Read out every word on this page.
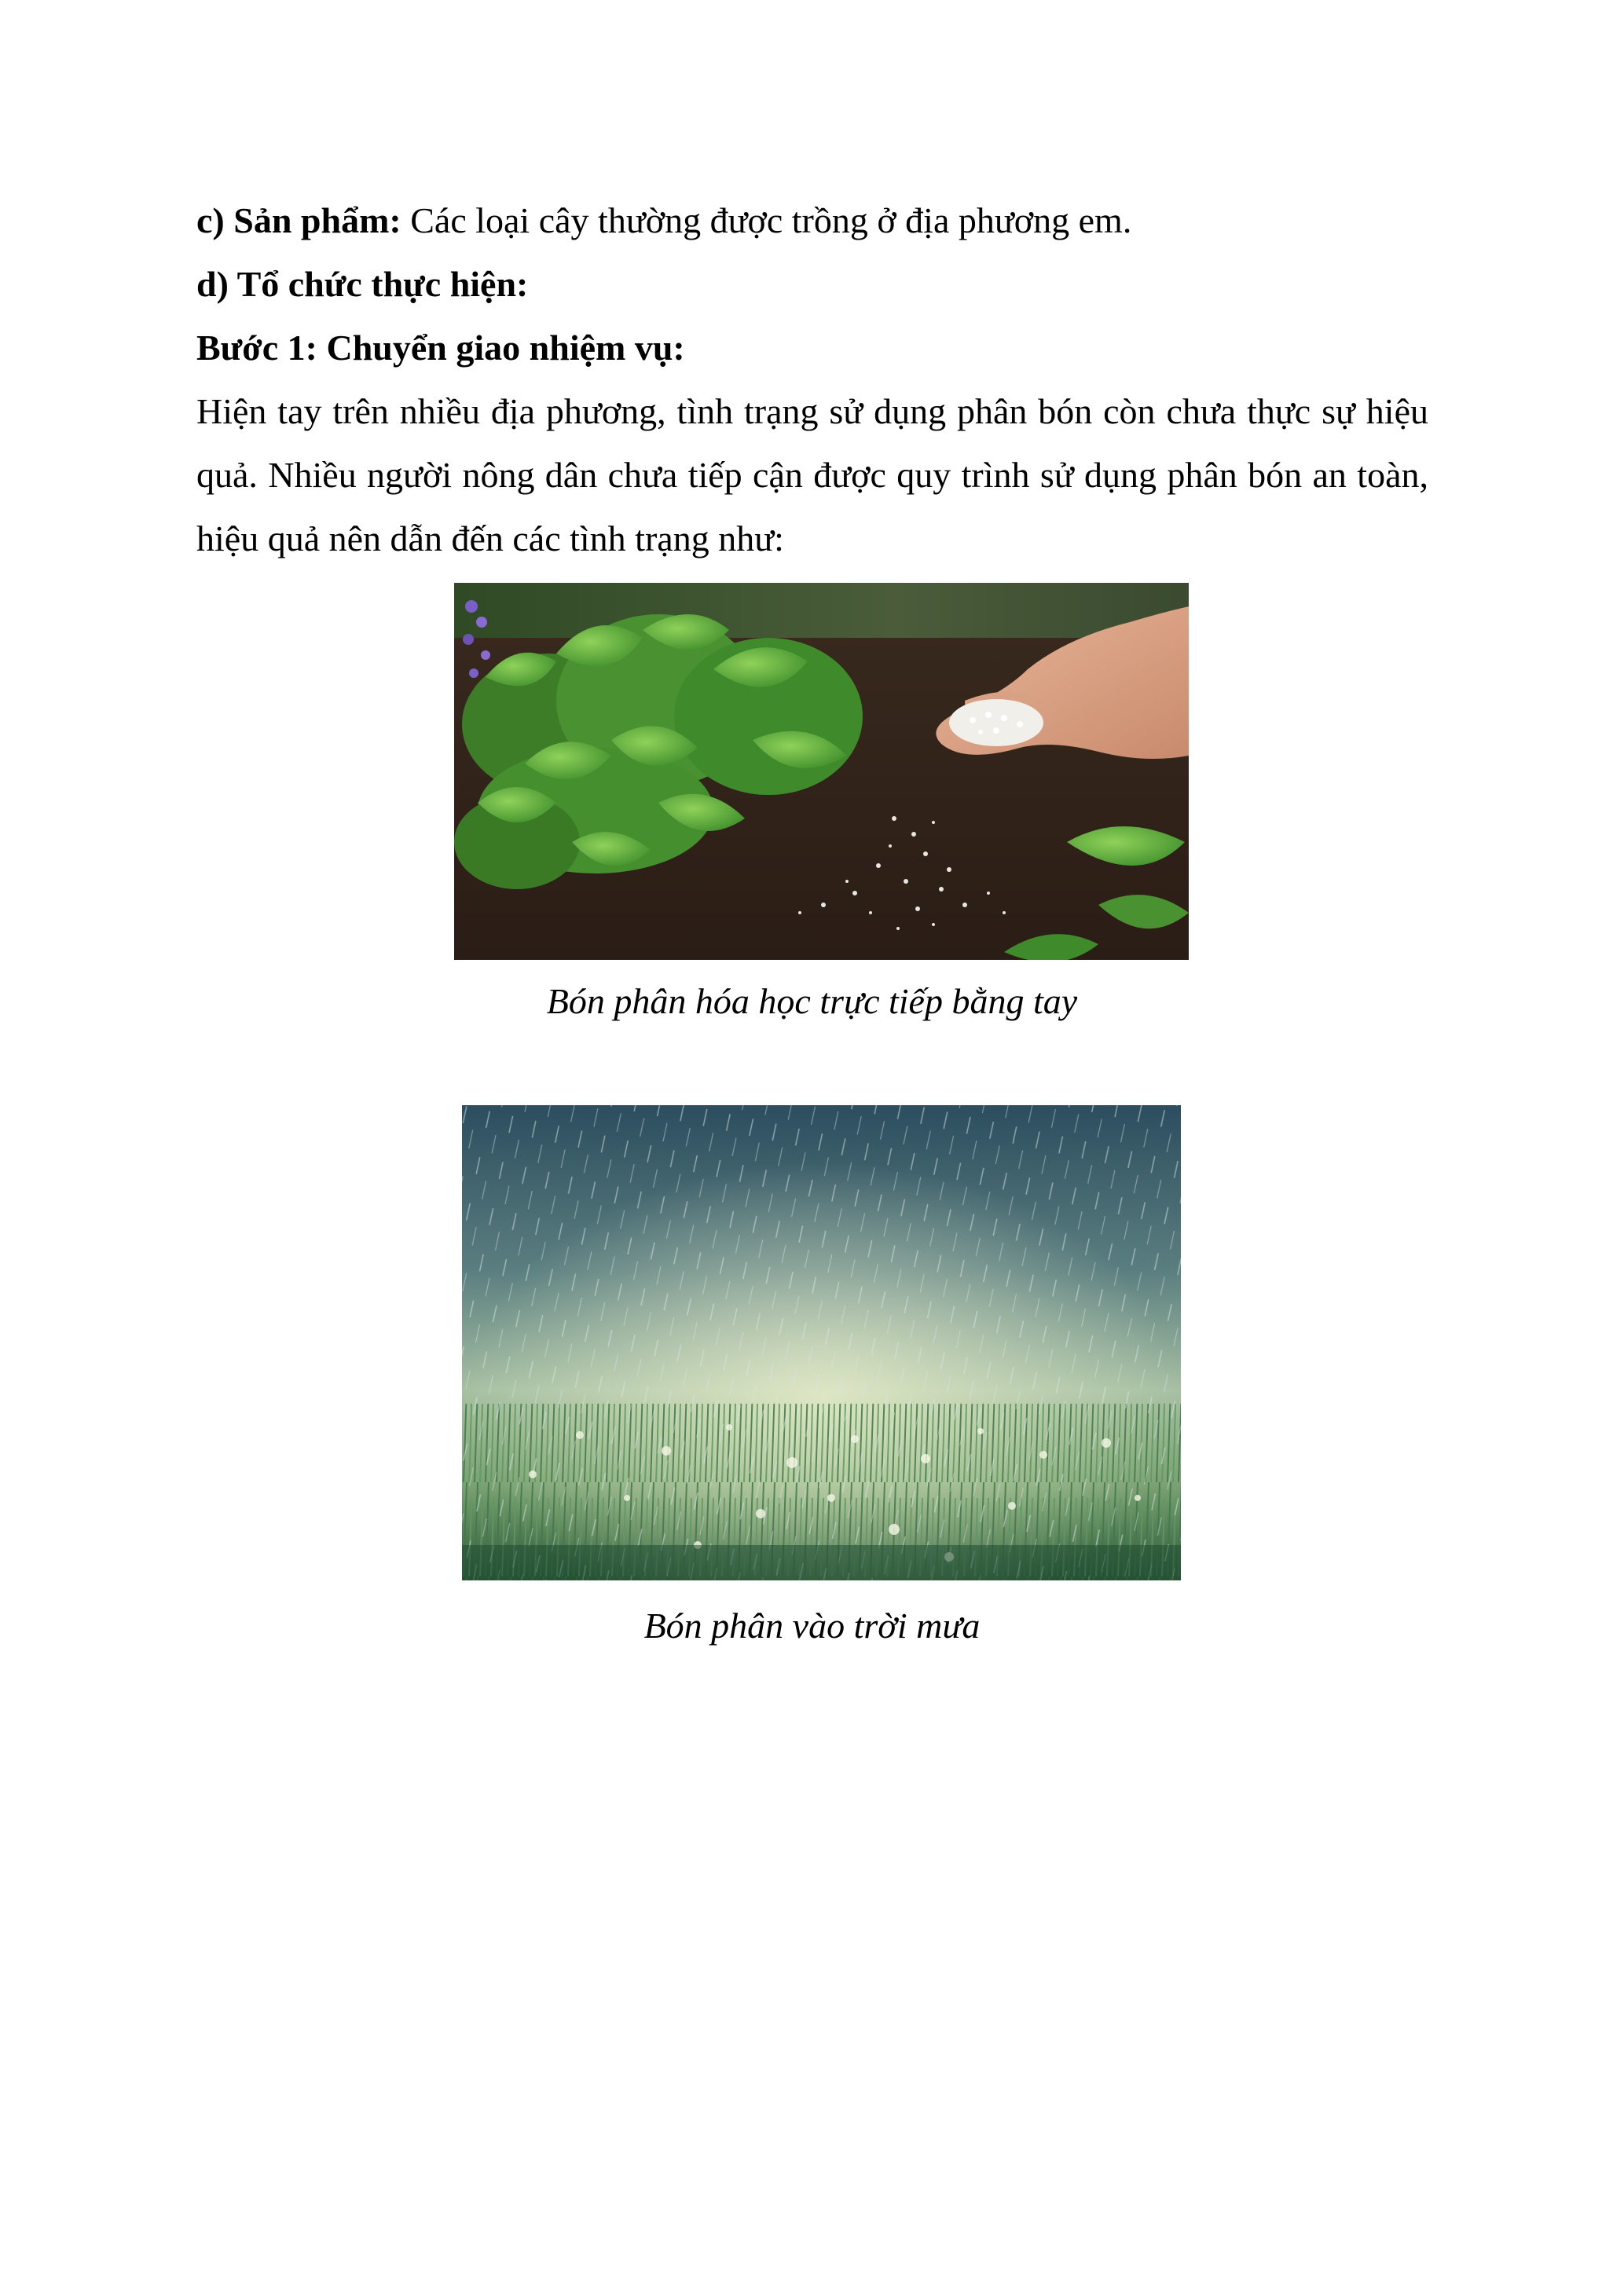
c) Sản phẩm: Các loại cây thường được trồng ở địa phương em.

d) Tổ chức thực hiện:

Bước 1: Chuyển giao nhiệm vụ:

Hiện tay trên nhiều địa phương, tình trạng sử dụng phân bón còn chưa thực sự hiệu quả. Nhiều người nông dân chưa tiếp cận được quy trình sử dụng phân bón an toàn, hiệu quả nên dẫn đến các tình trạng như:

Bón phân hóa học trực tiếp bằng tay
Bón phân vào trời mưa
